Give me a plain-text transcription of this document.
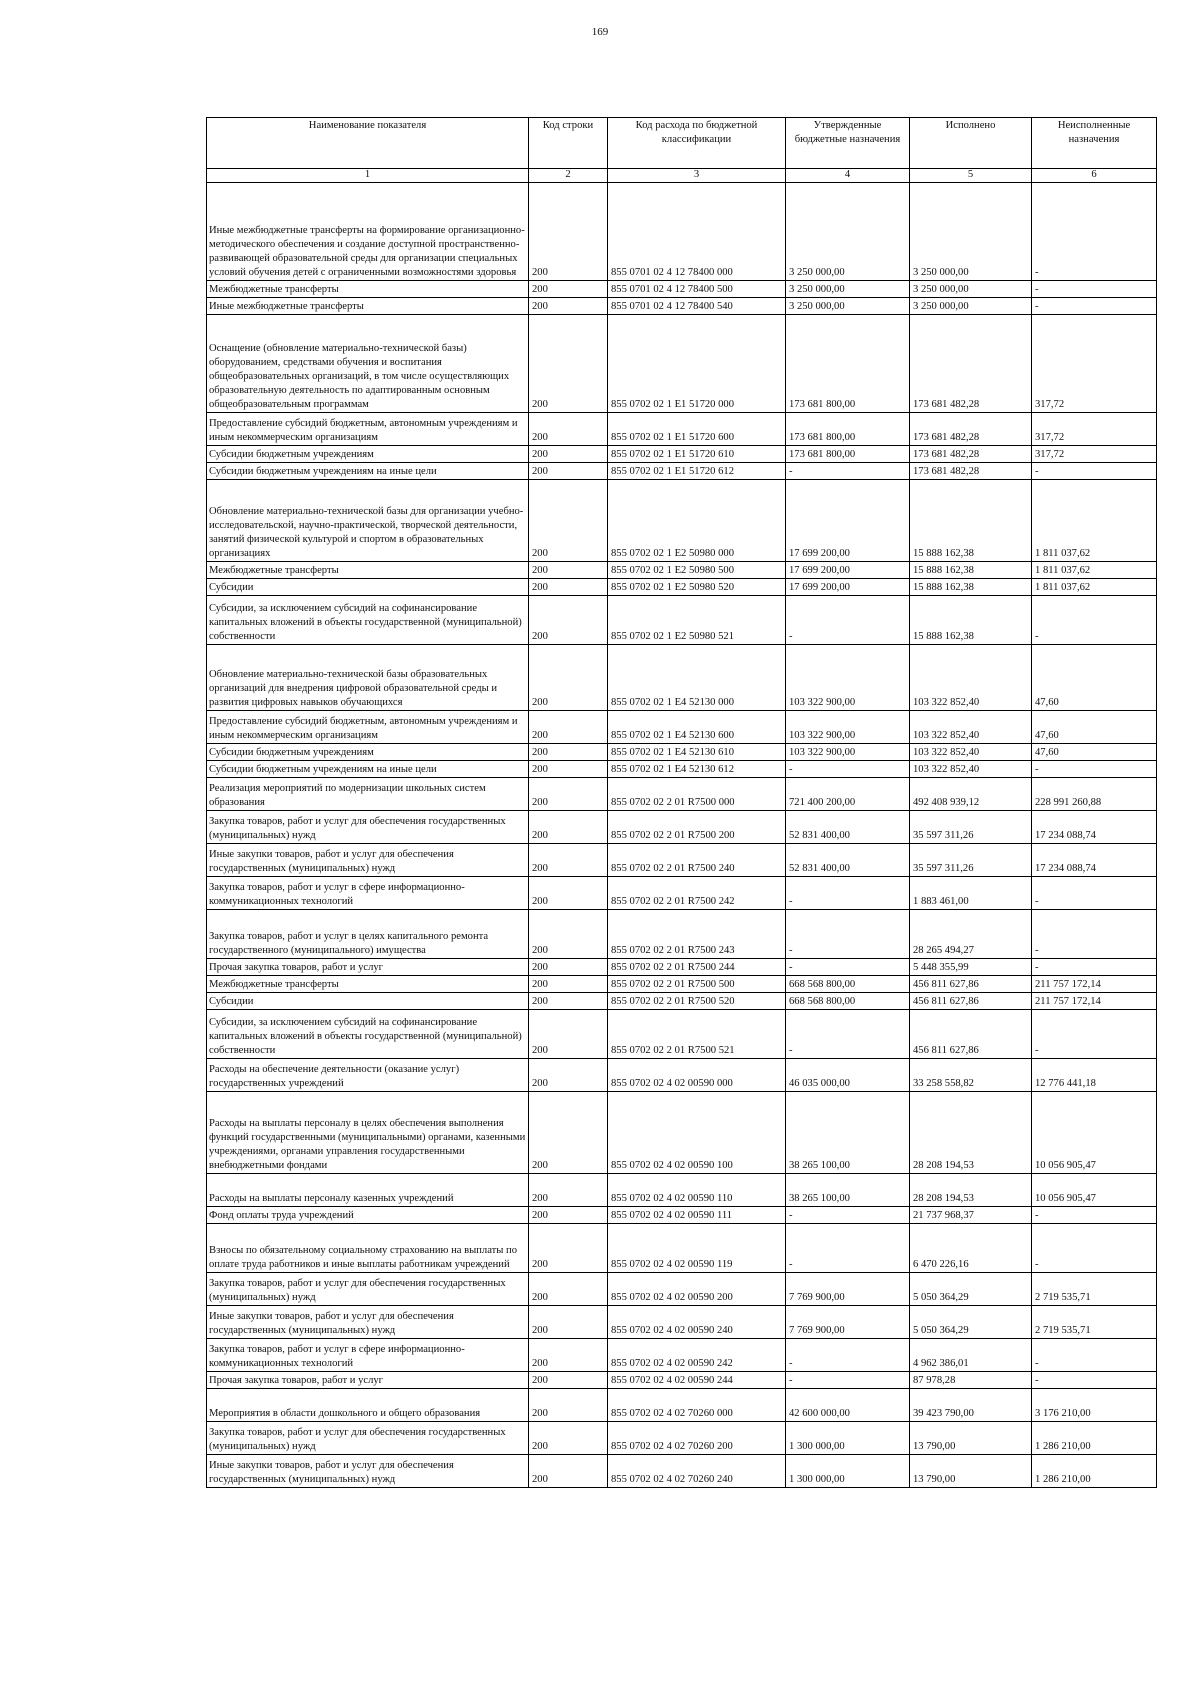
169
Наименование показателя	Код строки	Код расхода по бюджетной классификации	Утвержденные бюджетные назначения	Исполнено	Неисполненные назначения
1	2	3	4	5	6
Иные межбюджетные трансферты на формирование организационно-методического обеспечения и создание доступной пространственно-развивающей образовательной среды для организации специальных условий обучения детей с ограниченными возможностями здоровья	200	855 0701 02 4 12 78400 000	3 250 000,00	3 250 000,00	-
Межбюджетные трансферты	200	855 0701 02 4 12 78400 500	3 250 000,00	3 250 000,00	-
Иные межбюджетные трансферты	200	855 0701 02 4 12 78400 540	3 250 000,00	3 250 000,00	-
Оснащение (обновление материально-технической базы) оборудованием, средствами обучения и воспитания общеобразовательных организаций, в том числе осуществляющих образовательную деятельность по адаптированным основным общеобразовательным программам	200	855 0702 02 1 E1 51720 000	173 681 800,00	173 681 482,28	317,72
Предоставление субсидий бюджетным, автономным учреждениям и иным некоммерческим организациям	200	855 0702 02 1 E1 51720 600	173 681 800,00	173 681 482,28	317,72
Субсидии бюджетным учреждениям	200	855 0702 02 1 E1 51720 610	173 681 800,00	173 681 482,28	317,72
Субсидии бюджетным учреждениям на иные цели	200	855 0702 02 1 E1 51720 612	-	173 681 482,28	-
Обновление материально-технической базы для организации учебно-исследовательской, научно-практической, творческой деятельности, занятий физической культурой и спортом в образовательных организациях	200	855 0702 02 1 E2 50980 000	17 699 200,00	15 888 162,38	1 811 037,62
Межбюджетные трансферты	200	855 0702 02 1 E2 50980 500	17 699 200,00	15 888 162,38	1 811 037,62
Субсидии	200	855 0702 02 1 E2 50980 520	17 699 200,00	15 888 162,38	1 811 037,62
Субсидии, за исключением субсидий на софинансирование капитальных вложений в объекты государственной (муниципальной) собственности	200	855 0702 02 1 E2 50980 521	-	15 888 162,38	-
Обновление материально-технической базы образовательных организаций для внедрения цифровой образовательной среды и развития цифровых навыков обучающихся	200	855 0702 02 1 E4 52130 000	103 322 900,00	103 322 852,40	47,60
Предоставление субсидий бюджетным, автономным учреждениям и иным некоммерческим организациям	200	855 0702 02 1 E4 52130 600	103 322 900,00	103 322 852,40	47,60
Субсидии бюджетным учреждениям	200	855 0702 02 1 E4 52130 610	103 322 900,00	103 322 852,40	47,60
Субсидии бюджетным учреждениям на иные цели	200	855 0702 02 1 E4 52130 612	-	103 322 852,40	-
Реализация мероприятий по модернизации школьных систем образования	200	855 0702 02 2 01 R7500 000	721 400 200,00	492 408 939,12	228 991 260,88
Закупка товаров, работ и услуг для обеспечения государственных (муниципальных) нужд	200	855 0702 02 2 01 R7500 200	52 831 400,00	35 597 311,26	17 234 088,74
Иные закупки товаров, работ и услуг для обеспечения государственных (муниципальных) нужд	200	855 0702 02 2 01 R7500 240	52 831 400,00	35 597 311,26	17 234 088,74
Закупка товаров, работ и услуг в сфере информационно-коммуникационных технологий	200	855 0702 02 2 01 R7500 242	-	1 883 461,00	-
Закупка товаров, работ и услуг в целях капитального ремонта государственного (муниципального) имущества	200	855 0702 02 2 01 R7500 243	-	28 265 494,27	-
Прочая закупка товаров, работ и услуг	200	855 0702 02 2 01 R7500 244	-	5 448 355,99	-
Межбюджетные трансферты	200	855 0702 02 2 01 R7500 500	668 568 800,00	456 811 627,86	211 757 172,14
Субсидии	200	855 0702 02 2 01 R7500 520	668 568 800,00	456 811 627,86	211 757 172,14
Субсидии, за исключением субсидий на софинансирование капитальных вложений в объекты государственной (муниципальной) собственности	200	855 0702 02 2 01 R7500 521	-	456 811 627,86	-
Расходы на обеспечение деятельности (оказание услуг) государственных учреждений	200	855 0702 02 4 02 00590 000	46 035 000,00	33 258 558,82	12 776 441,18
Расходы на выплаты персоналу в целях обеспечения выполнения функций государственными (муниципальными) органами, казенными учреждениями, органами управления государственными внебюджетными фондами	200	855 0702 02 4 02 00590 100	38 265 100,00	28 208 194,53	10 056 905,47
Расходы на выплаты персоналу казенных учреждений	200	855 0702 02 4 02 00590 110	38 265 100,00	28 208 194,53	10 056 905,47
Фонд оплаты труда учреждений	200	855 0702 02 4 02 00590 111	-	21 737 968,37	-
Взносы по обязательному социальному страхованию на выплаты по оплате труда работников и иные выплаты работникам учреждений	200	855 0702 02 4 02 00590 119	-	6 470 226,16	-
Закупка товаров, работ и услуг для обеспечения государственных (муниципальных) нужд	200	855 0702 02 4 02 00590 200	7 769 900,00	5 050 364,29	2 719 535,71
Иные закупки товаров, работ и услуг для обеспечения государственных (муниципальных) нужд	200	855 0702 02 4 02 00590 240	7 769 900,00	5 050 364,29	2 719 535,71
Закупка товаров, работ и услуг в сфере информационно-коммуникационных технологий	200	855 0702 02 4 02 00590 242	-	4 962 386,01	-
Прочая закупка товаров, работ и услуг	200	855 0702 02 4 02 00590 244	-	87 978,28	-
Мероприятия в области дошкольного и общего образования	200	855 0702 02 4 02 70260 000	42 600 000,00	39 423 790,00	3 176 210,00
Закупка товаров, работ и услуг для обеспечения государственных (муниципальных) нужд	200	855 0702 02 4 02 70260 200	1 300 000,00	13 790,00	1 286 210,00
Иные закупки товаров, работ и услуг для обеспечения государственных (муниципальных) нужд	200	855 0702 02 4 02 70260 240	1 300 000,00	13 790,00	1 286 210,00
